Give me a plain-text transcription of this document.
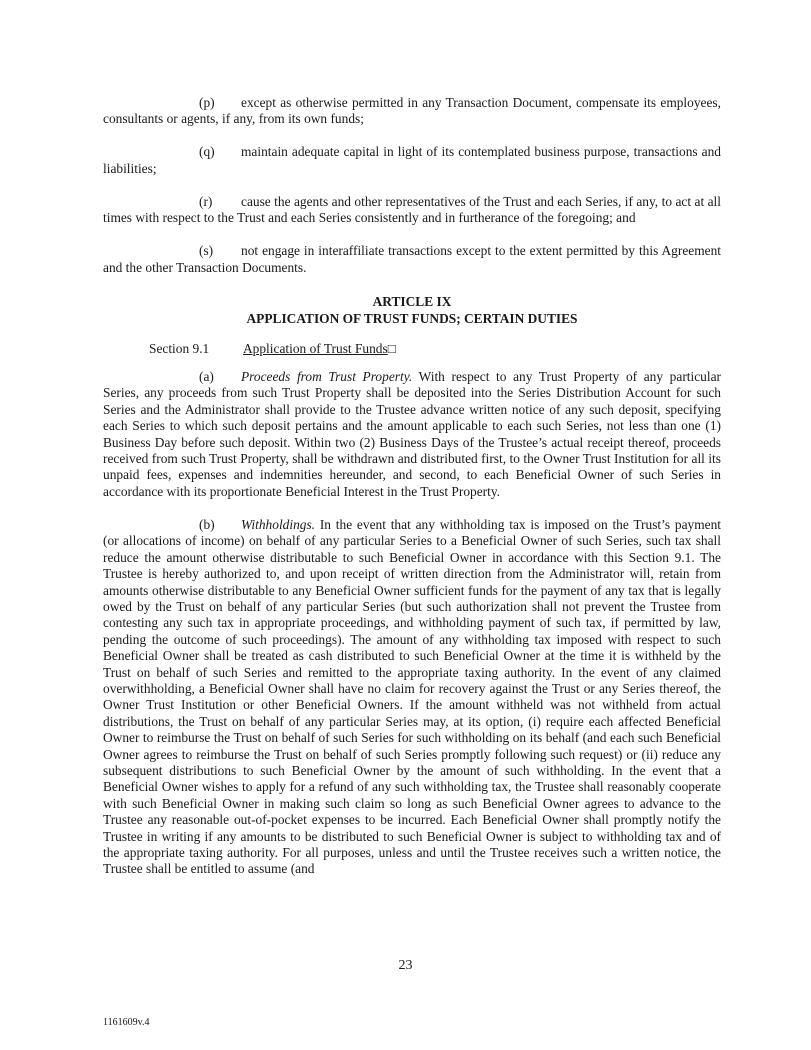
(p) except as otherwise permitted in any Transaction Document, compensate its employees, consultants or agents, if any, from its own funds;

(q) maintain adequate capital in light of its contemplated business purpose, transactions and liabilities;

(r) cause the agents and other representatives of the Trust and each Series, if any, to act at all times with respect to the Trust and each Series consistently and in furtherance of the foregoing; and

(s) not engage in interaffiliate transactions except to the extent permitted by this Agreement and the other Transaction Documents.

ARTICLE IX
APPLICATION OF TRUST FUNDS; CERTAIN DUTIES
Section 9.1	Application of Trust Funds□

(a) Proceeds from Trust Property. With respect to any Trust Property of any particular Series, any proceeds from such Trust Property shall be deposited into the Series Distribution Account for such Series and the Administrator shall provide to the Trustee advance written notice of any such deposit, specifying each Series to which such deposit pertains and the amount applicable to each such Series, not less than one (1) Business Day before such deposit. Within two (2) Business Days of the Trustee’s actual receipt thereof, proceeds received from such Trust Property, shall be withdrawn and distributed first, to the Owner Trust Institution for all its unpaid fees, expenses and indemnities hereunder, and second, to each Beneficial Owner of such Series in accordance with its proportionate Beneficial Interest in the Trust Property.

(b) Withholdings. In the event that any withholding tax is imposed on the Trust’s payment (or allocations of income) on behalf of any particular Series to a Beneficial Owner of such Series, such tax shall reduce the amount otherwise distributable to such Beneficial Owner in accordance with this Section 9.1. The Trustee is hereby authorized to, and upon receipt of written direction from the Administrator will, retain from amounts otherwise distributable to any Beneficial Owner sufficient funds for the payment of any tax that is legally owed by the Trust on behalf of any particular Series (but such authorization shall not prevent the Trustee from contesting any such tax in appropriate proceedings, and withholding payment of such tax, if permitted by law, pending the outcome of such proceedings). The amount of any withholding tax imposed with respect to such Beneficial Owner shall be treated as cash distributed to such Beneficial Owner at the time it is withheld by the Trust on behalf of such Series and remitted to the appropriate taxing authority. In the event of any claimed overwithholding, a Beneficial Owner shall have no claim for recovery against the Trust or any Series thereof, the Owner Trust Institution or other Beneficial Owners. If the amount withheld was not withheld from actual distributions, the Trust on behalf of any particular Series may, at its option, (i) require each affected Beneficial Owner to reimburse the Trust on behalf of such Series for such withholding on its behalf (and each such Beneficial Owner agrees to reimburse the Trust on behalf of such Series promptly following such request) or (ii) reduce any subsequent distributions to such Beneficial Owner by the amount of such withholding. In the event that a Beneficial Owner wishes to apply for a refund of any such withholding tax, the Trustee shall reasonably cooperate with such Beneficial Owner in making such claim so long as such Beneficial Owner agrees to advance to the Trustee any reasonable out-of-pocket expenses to be incurred. Each Beneficial Owner shall promptly notify the Trustee in writing if any amounts to be distributed to such Beneficial Owner is subject to withholding tax and of the appropriate taxing authority. For all purposes, unless and until the Trustee receives such a written notice, the Trustee shall be entitled to assume (and

23
1161609v.4
